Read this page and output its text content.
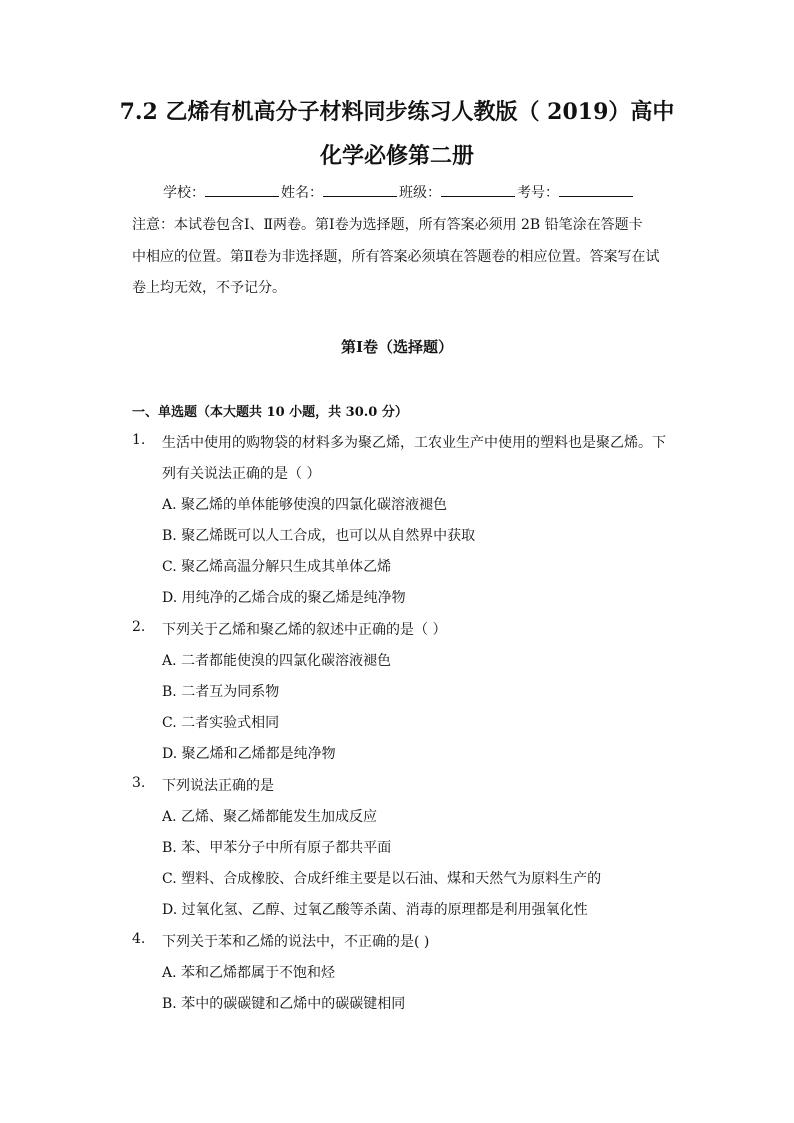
7.2 乙烯有机高分子材料同步练习人教版（ 2019）高中
化学必修第二册
学校：	姓名：	班级：	考号：
注意：本试卷包含Ⅰ、Ⅱ两卷。第Ⅰ卷为选择题，所有答案必须用 2B 铅笔涂在答题卡
中相应的位置。第Ⅱ卷为非选择题，所有答案必须填在答题卷的相应位置。答案写在试
卷上均无效，不予记分。
第Ⅰ卷（选择题）
一、单选题（本大题共 10 小题，共 30.0 分）
1. 生活中使用的购物袋的材料多为聚乙烯，工农业生产中使用的塑料也是聚乙烯。下
列有关说法正确的是（ ）
A. 聚乙烯的单体能够使溴的四氯化碳溶液褪色
B. 聚乙烯既可以人工合成，也可以从自然界中获取
C. 聚乙烯高温分解只生成其单体乙烯
D. 用纯净的乙烯合成的聚乙烯是纯净物
2. 下列关于乙烯和聚乙烯的叙述中正确的是（ ）
A. 二者都能使溴的四氯化碳溶液褪色
B. 二者互为同系物
C. 二者实验式相同
D. 聚乙烯和乙烯都是纯净物
3. 下列说法正确的是
A. 乙烯、聚乙烯都能发生加成反应
B. 苯、甲苯分子中所有原子都共平面
C. 塑料、合成橡胶、合成纤维主要是以石油、煤和天然气为原料生产的
D. 过氧化氢、乙醇、过氧乙酸等杀菌、消毒的原理都是利用强氧化性
4. 下列关于苯和乙烯的说法中，不正确的是( )
A. 苯和乙烯都属于不饱和烃
B. 苯中的碳碳键和乙烯中的碳碳键相同
